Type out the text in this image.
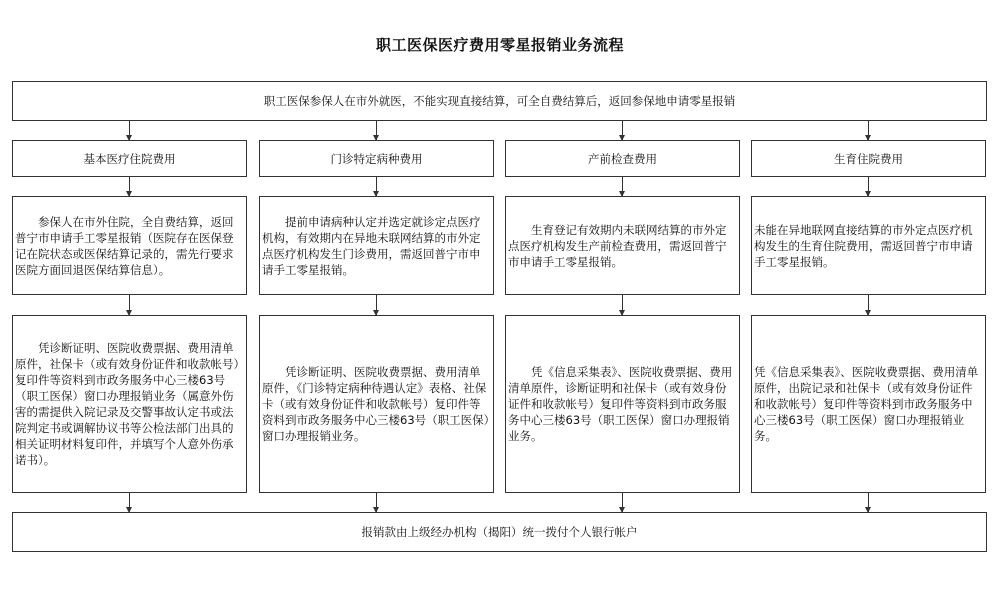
职工医保医疗费用零星报销业务流程
职工医保参保人在市外就医，不能实现直接结算，可全自费结算后，返回参保地申请零星报销
基本医疗住院费用	门诊特定病种费用	产前检查费用	生育住院费用
参保人在市外住院，全自费结算，返回普宁市申请手工零星报销（医院存在医保登记在院状态或医保结算记录的，需先行要求医院方面回退医保结算信息）。
提前申请病种认定并选定就诊定点医疗机构，有效期内在异地未联网结算的市外定点医疗机构发生门诊费用，需返回普宁市申请手工零星报销。
生育登记有效期内未联网结算的市外定点医疗机构发生产前检查费用，需返回普宁市申请手工零星报销。
未能在异地联网直接结算的市外定点医疗机构发生的生育住院费用，需返回普宁市申请手工零星报销。
凭诊断证明、医院收费票据、费用清单原件，社保卡（或有效身份证件和收款帐号）复印件等资料到市政务服务中心三楼63号（职工医保）窗口办理报销业务（属意外伤害的需提供入院记录及交警事故认定书或法院判定书或调解协议书等公检法部门出具的相关证明材料复印件，并填写个人意外伤承诺书）。
凭诊断证明、医院收费票据、费用清单原件，《门诊特定病种待遇认定》表格、社保卡（或有效身份证件和收款帐号）复印件等资料到市政务服务中心三楼63号（职工医保）窗口办理报销业务。
凭《信息采集表》、医院收费票据、费用清单原件，诊断证明和社保卡（或有效身份证件和收款帐号）复印件等资料到市政务服务中心三楼63号（职工医保）窗口办理报销业务。
凭《信息采集表》、医院收费票据、费用清单原件，出院记录和社保卡（或有效身份证件和收款帐号）复印件等资料到市政务服务中心三楼63号（职工医保）窗口办理报销业务。
报销款由上级经办机构（揭阳）统一拨付个人银行帐户
